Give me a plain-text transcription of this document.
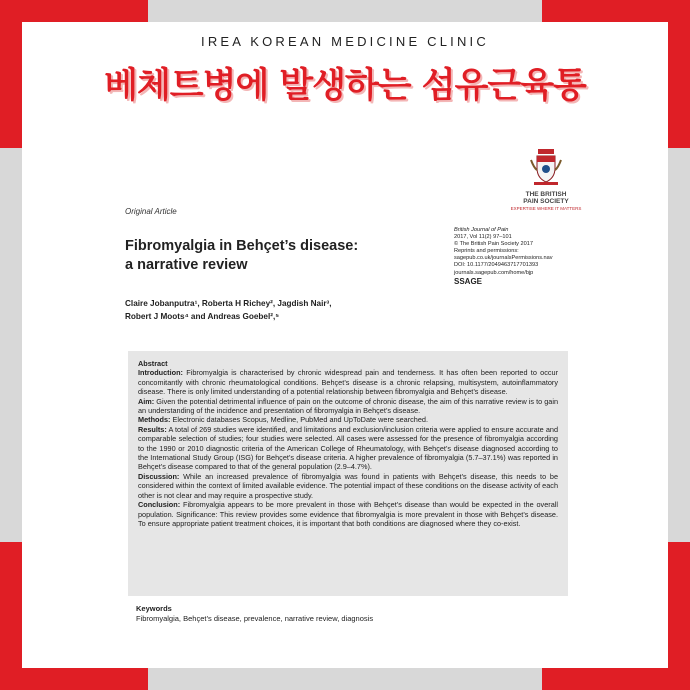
IREA KOREAN MEDICINE CLINIC
베체트병에 발생하는 섬유근육통
THE BRITISH
PAIN SOCIETY
EXPERTISE WHERE IT MATTERS
Original Article
British Journal of Pain
2017, Vol 11(2) 97–101
© The British Pain Society 2017
Reprints and permissions:
sagepub.co.uk/journalsPermissions.nav
DOI: 10.1177/2049463717701393
journals.sagepub.com/home/bjp
SSAGE
Fibromyalgia in Behçet’s disease:
a narrative review
Claire Jobanputra¹, Roberta H Richey², Jagdish Nair³,
Robert J Moots⁴ and Andreas Goebel²,⁵
Abstract
Introduction: Fibromyalgia is characterised by chronic widespread pain and tenderness. It has often been reported to occur concomitantly with chronic rheumatological conditions. Behçet’s disease is a chronic relapsing, multisystem, autoinflammatory disease. There is only limited understanding of a potential relationship between fibromyalgia and Behçet’s disease.
Aim: Given the potential detrimental influence of pain on the outcome of chronic disease, the aim of this narrative review is to gain an understanding of the incidence and presentation of fibromyalgia in Behçet’s disease.
Methods: Electronic databases Scopus, Medline, PubMed and UpToDate were searched.
Results: A total of 269 studies were identified, and limitations and exclusion/inclusion criteria were applied to ensure accurate and comparable selection of studies; four studies were selected. All cases were assessed for the presence of fibromyalgia according to the 1990 or 2010 diagnostic criteria of the American College of Rheumatology, with Behçet’s disease diagnosed according to the International Study Group (ISG) for Behçet’s disease criteria. A higher prevalence of fibromyalgia (5.7–37.1%) was reported in Behçet’s disease compared to that of the general population (2.9–4.7%).
Discussion: While an increased prevalence of fibromyalgia was found in patients with Behçet’s disease, this needs to be considered within the context of limited available evidence. The potential impact of these conditions on the disease activity of each other is not clear and may require a prospective study.
Conclusion: Fibromyalgia appears to be more prevalent in those with Behçet’s disease than would be expected in the overall population. Significance: This review provides some evidence that fibromyalgia is more prevalent in those with Behçet’s disease. To ensure appropriate patient treatment choices, it is important that both conditions are diagnosed where they co-exist.
Keywords
Fibromyalgia, Behçet’s disease, prevalence, narrative review, diagnosis
